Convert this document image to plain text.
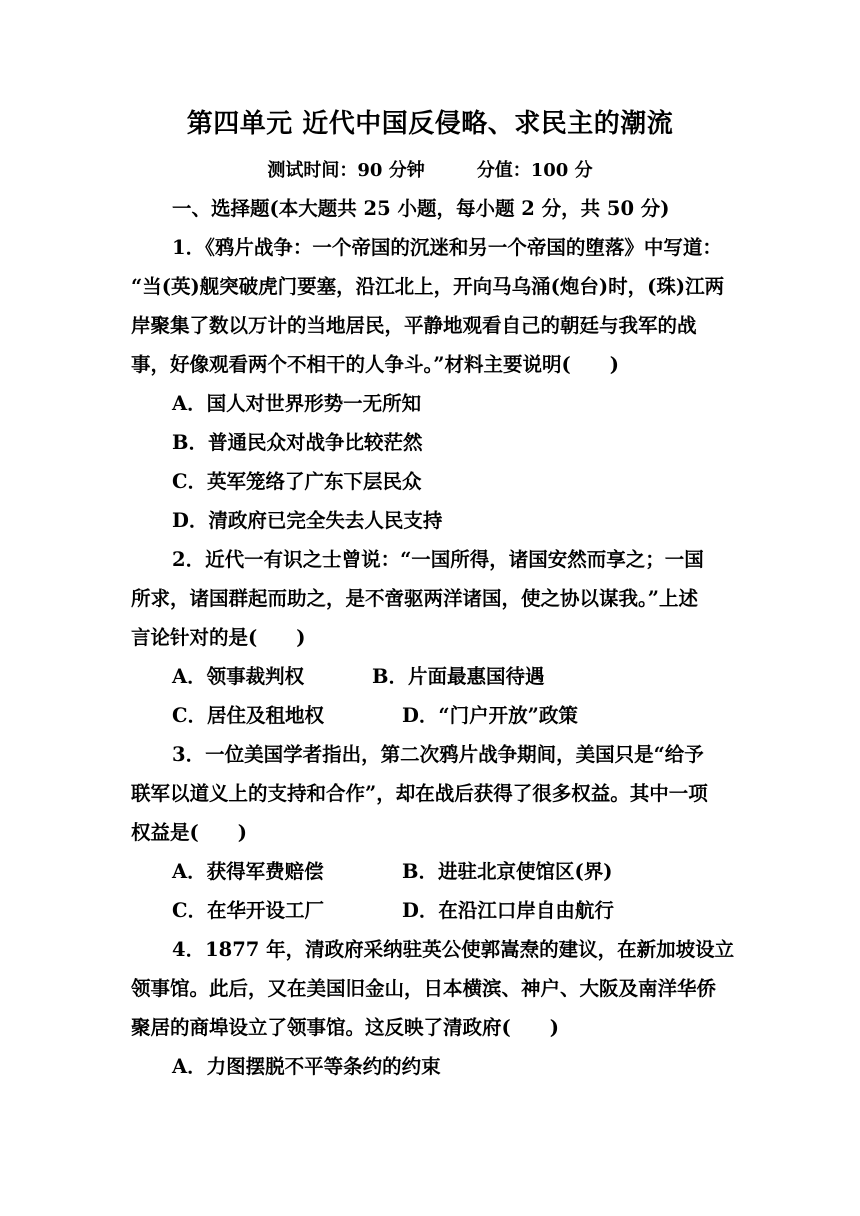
第四单元 近代中国反侵略、求民主的潮流
测试时间：90 分钟	分值：100 分
一、选择题(本大题共 25 小题，每小题 2 分，共 50 分)
1．《鸦片战争：一个帝国的沉迷和另一个帝国的堕落》中写道：
“当(英)舰突破虎门要塞，沿江北上，开向马乌涌(炮台)时，(珠)江两
岸聚集了数以万计的当地居民，平静地观看自己的朝廷与我军的战
事，好像观看两个不相干的人争斗。”材料主要说明(　　)
A．国人对世界形势一无所知
B．普通民众对战争比较茫然
C．英军笼络了广东下层民众
D．清政府已完全失去人民支持
2．近代一有识之士曾说：“一国所得，诸国安然而享之；一国
所求，诸国群起而助之，是不啻驱两洋诸国，使之协以谋我。”上述
言论针对的是(　　)
A．领事裁判权	B．片面最惠国待遇
C．居住及租地权	D．“门户开放”政策
3．一位美国学者指出，第二次鸦片战争期间，美国只是“给予
联军以道义上的支持和合作”，却在战后获得了很多权益。其中一项
权益是(　　)
A．获得军费赔偿	B．进驻北京使馆区(界)
C．在华开设工厂	D．在沿江口岸自由航行
4．1877 年，清政府采纳驻英公使郭嵩焘的建议，在新加坡设立
领事馆。此后，又在美国旧金山，日本横滨、神户、大阪及南洋华侨
聚居的商埠设立了领事馆。这反映了清政府(　　)
A．力图摆脱不平等条约的约束
